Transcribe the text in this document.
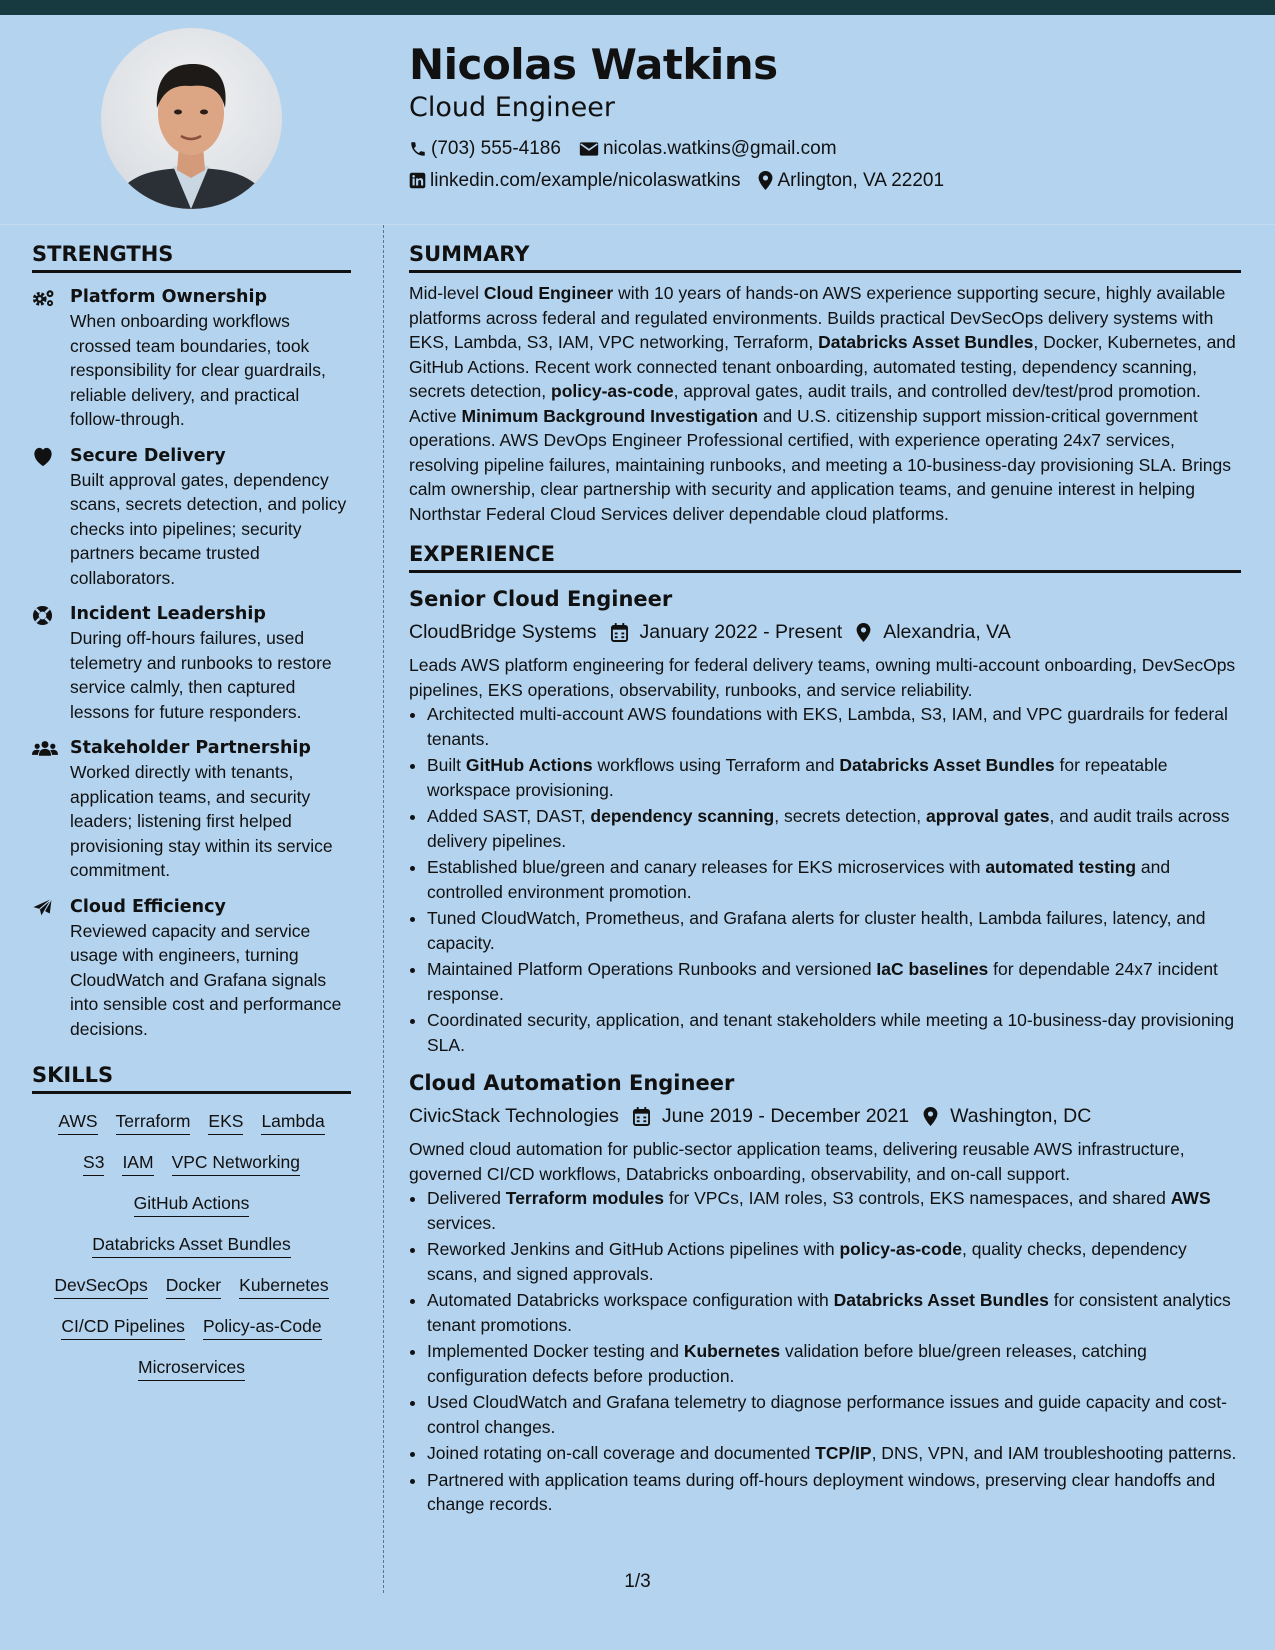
Nicolas Watkins
Cloud Engineer
(703) 555-4186 nicolas.watkins@gmail.com
linkedin.com/example/nicolaswatkins Arlington, VA 22201
STRENGTHS
Platform Ownership
When onboarding workflows crossed team boundaries, took responsibility for clear guardrails, reliable delivery, and practical follow-through.
Secure Delivery
Built approval gates, dependency scans, secrets detection, and policy checks into pipelines; security partners became trusted collaborators.
Incident Leadership
During off-hours failures, used telemetry and runbooks to restore service calmly, then captured lessons for future responders.
Stakeholder Partnership
Worked directly with tenants, application teams, and security leaders; listening first helped provisioning stay within its service commitment.
Cloud Efficiency
Reviewed capacity and service usage with engineers, turning CloudWatch and Grafana signals into sensible cost and performance decisions.
SKILLS
AWS Terraform EKS Lambda
S3 IAM VPC Networking
GitHub Actions
Databricks Asset Bundles
DevSecOps Docker Kubernetes
CI/CD Pipelines Policy-as-Code
Microservices
SUMMARY

Mid-level Cloud Engineer with 10 years of hands-on AWS experience supporting secure, highly available platforms across federal and regulated environments. Builds practical DevSecOps delivery systems with EKS, Lambda, S3, IAM, VPC networking, Terraform, Databricks Asset Bundles, Docker, Kubernetes, and GitHub Actions. Recent work connected tenant onboarding, automated testing, dependency scanning, secrets detection, policy-as-code, approval gates, audit trails, and controlled dev/test/prod promotion. Active Minimum Background Investigation and U.S. citizenship support mission-critical government operations. AWS DevOps Engineer Professional certified, with experience operating 24x7 services, resolving pipeline failures, maintaining runbooks, and meeting a 10-business-day provisioning SLA. Brings calm ownership, clear partnership with security and application teams, and genuine interest in helping Northstar Federal Cloud Services deliver dependable cloud platforms.

EXPERIENCE
Senior Cloud Engineer
CloudBridge Systems January 2022 - Present Alexandria, VA
Leads AWS platform engineering for federal delivery teams, owning multi-account onboarding, DevSecOps pipelines, EKS operations, observability, runbooks, and service reliability.
• Architected multi-account AWS foundations with EKS, Lambda, S3, IAM, and VPC guardrails for federal tenants.
• Built GitHub Actions workflows using Terraform and Databricks Asset Bundles for repeatable workspace provisioning.
• Added SAST, DAST, dependency scanning, secrets detection, approval gates, and audit trails across delivery pipelines.
• Established blue/green and canary releases for EKS microservices with automated testing and controlled environment promotion.
• Tuned CloudWatch, Prometheus, and Grafana alerts for cluster health, Lambda failures, latency, and capacity.
• Maintained Platform Operations Runbooks and versioned IaC baselines for dependable 24x7 incident response.
• Coordinated security, application, and tenant stakeholders while meeting a 10-business-day provisioning SLA.
Cloud Automation Engineer
CivicStack Technologies June 2019 - December 2021 Washington, DC
Owned cloud automation for public-sector application teams, delivering reusable AWS infrastructure, governed CI/CD workflows, Databricks onboarding, observability, and on-call support.
• Delivered Terraform modules for VPCs, IAM roles, S3 controls, EKS namespaces, and shared AWS services.
• Reworked Jenkins and GitHub Actions pipelines with policy-as-code, quality checks, dependency scans, and signed approvals.
• Automated Databricks workspace configuration with Databricks Asset Bundles for consistent analytics tenant promotions.
• Implemented Docker testing and Kubernetes validation before blue/green releases, catching configuration defects before production.
• Used CloudWatch and Grafana telemetry to diagnose performance issues and guide capacity and cost-control changes.
• Joined rotating on-call coverage and documented TCP/IP, DNS, VPN, and IAM troubleshooting patterns.
• Partnered with application teams during off-hours deployment windows, preserving clear handoffs and change records.
1/3
